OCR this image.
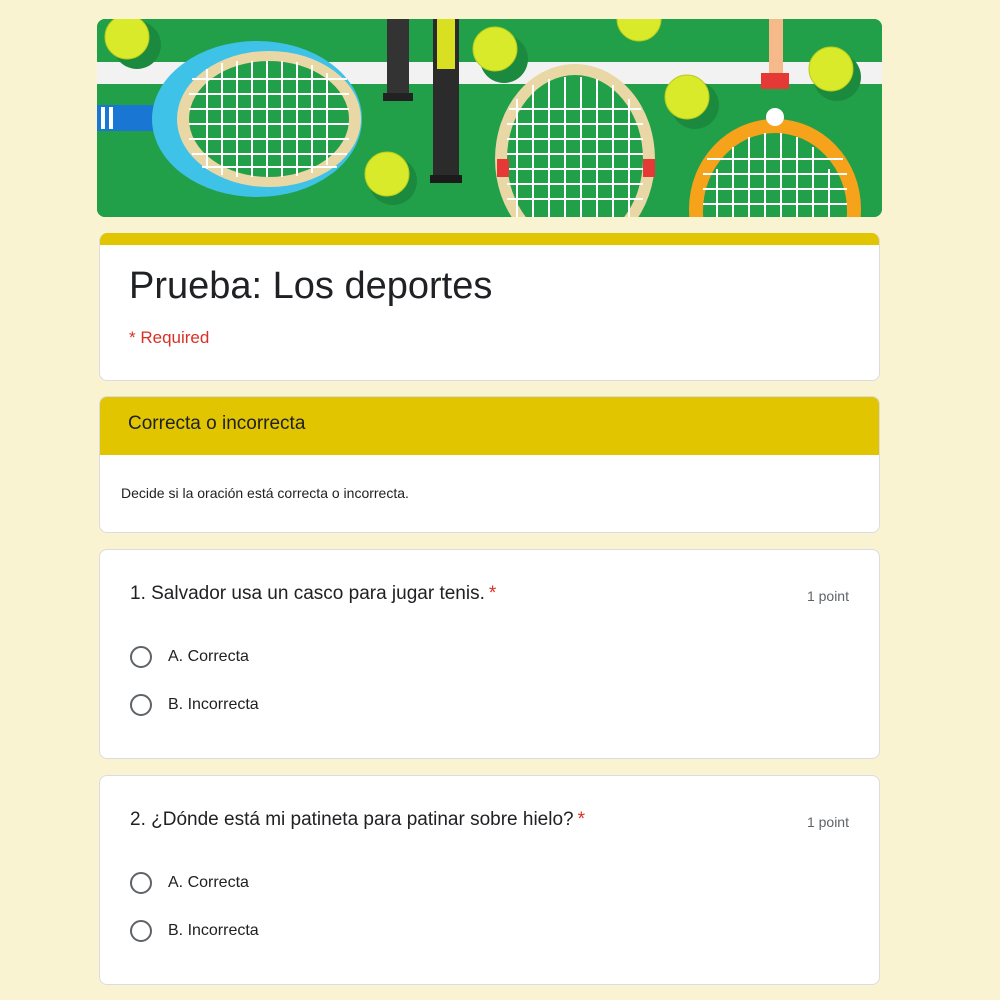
Prueba: Los deportes
* Required
Correcta o incorrecta
Decide si la oración está correcta o incorrecta.
1. Salvador usa un casco para jugar tenis. *	1 point
A. Correcta
B. Incorrecta
2. ¿Dónde está mi patineta para patinar sobre hielo? *	1 point
A. Correcta
B. Incorrecta
